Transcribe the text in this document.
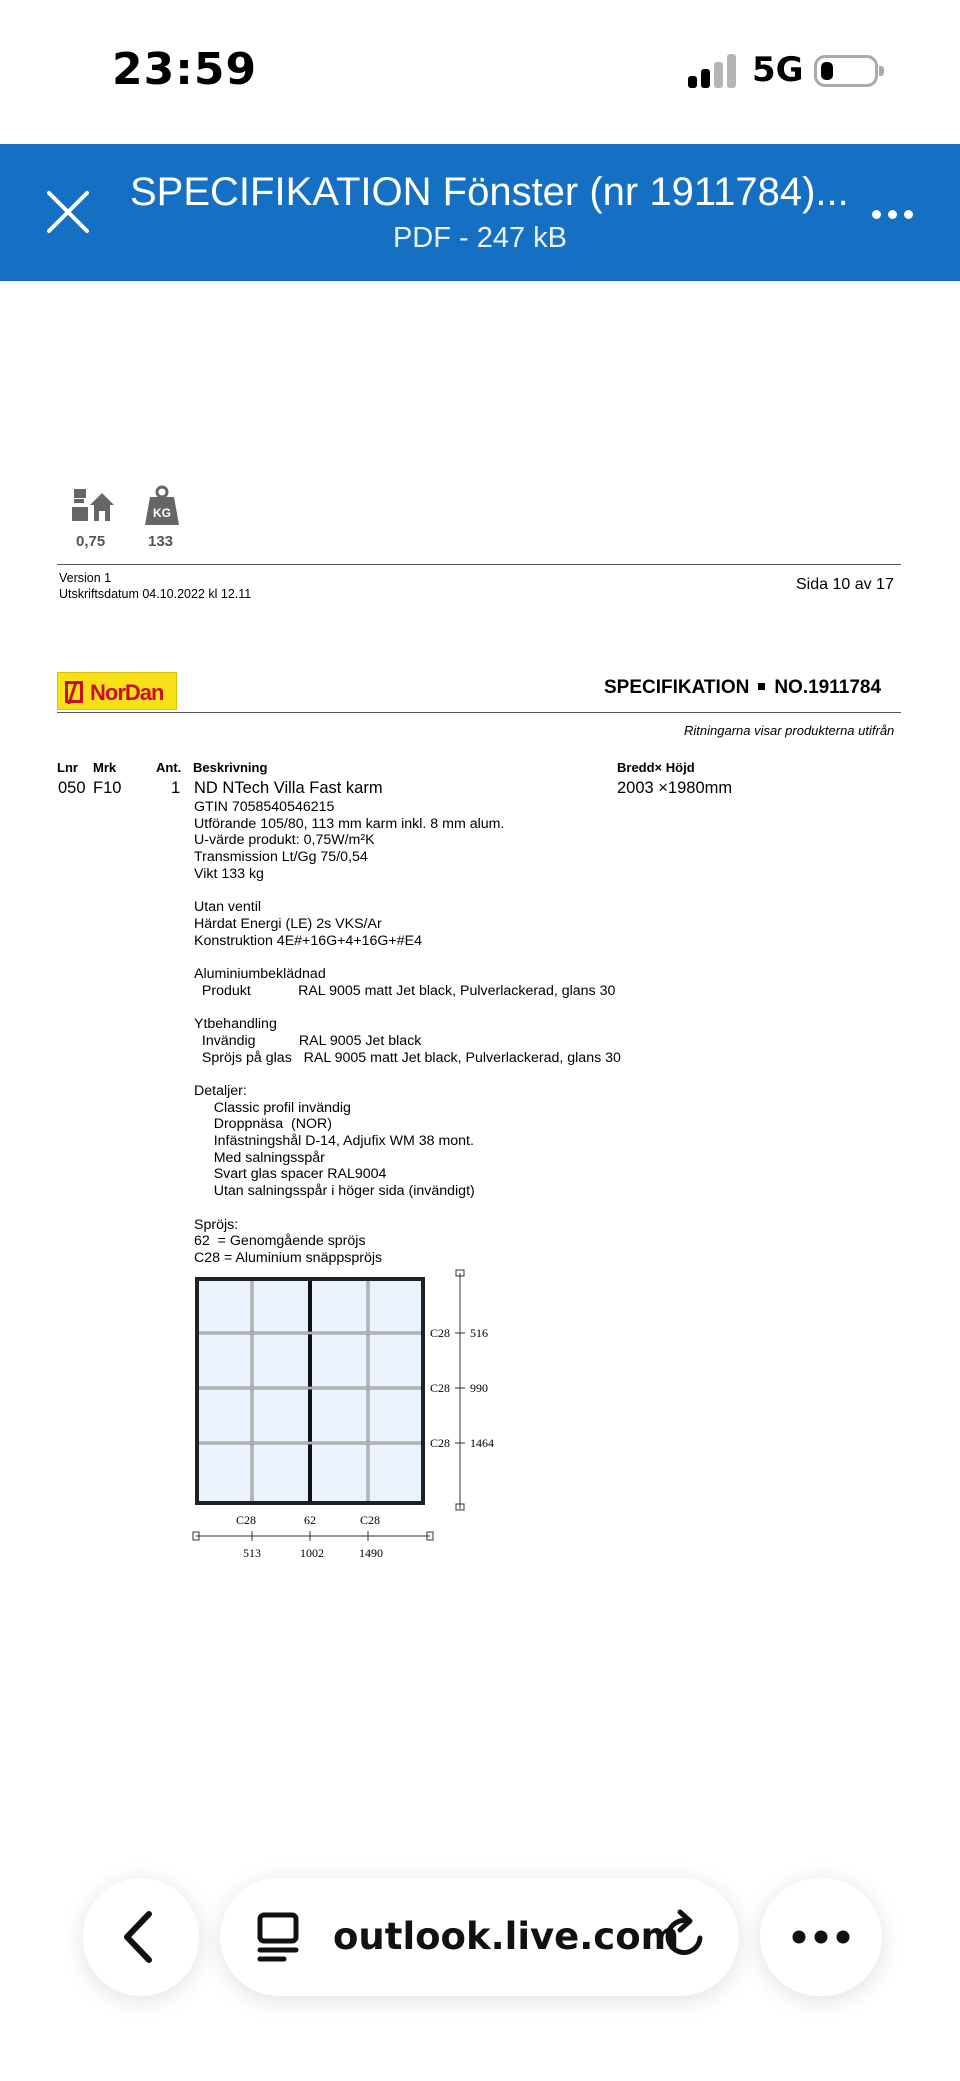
23:59	5G
SPECIFIKATION Fönster (nr 1911784)...
PDF - 247 kB
0,75
KG
133
Version 1
Utskriftsdatum 04.10.2022 kl 12.11
Sida 10 av 17
NorDan	SPECIFIKATION NO.1911784
Ritningarna visar produkterna utifrån
Lnr Mrk	Ant. Beskrivning	Bredd× Höjd
050 F10	1 ND NTech Villa Fast karm	2003 ×1980mm
GTIN 7058540546215
Utförande 105/80, 113 mm karm inkl. 8 mm alum.
U-värde produkt: 0,75W/m²K
Transmission Lt/Gg 75/0,54
Vikt 133 kg
Utan ventil
Härdat Energi (LE) 2s VKS/Ar
Konstruktion 4E#+16G+4+16G+#E4
Aluminiumbeklädnad
Produkt            RAL 9005 matt Jet black, Pulverlackerad, glans 30
Ytbehandling
Invändig           RAL 9005 Jet black
Spröjs på glas   RAL 9005 matt Jet black, Pulverlackerad, glans 30
Detaljer:
Classic profil invändig
Droppnäsa  (NOR)
Infästningshål D-14, Adjufix WM 38 mont.
Med salningsspår
Svart glas spacer RAL9004
Utan salningsspår i höger sida (invändigt)
Spröjs:
62  = Genomgående spröjs
C28 = Aluminium snäppspröjs
C28 516
C28 990
C28 1464
C28	62	C28
513	1002	1490
outlook.live.com
